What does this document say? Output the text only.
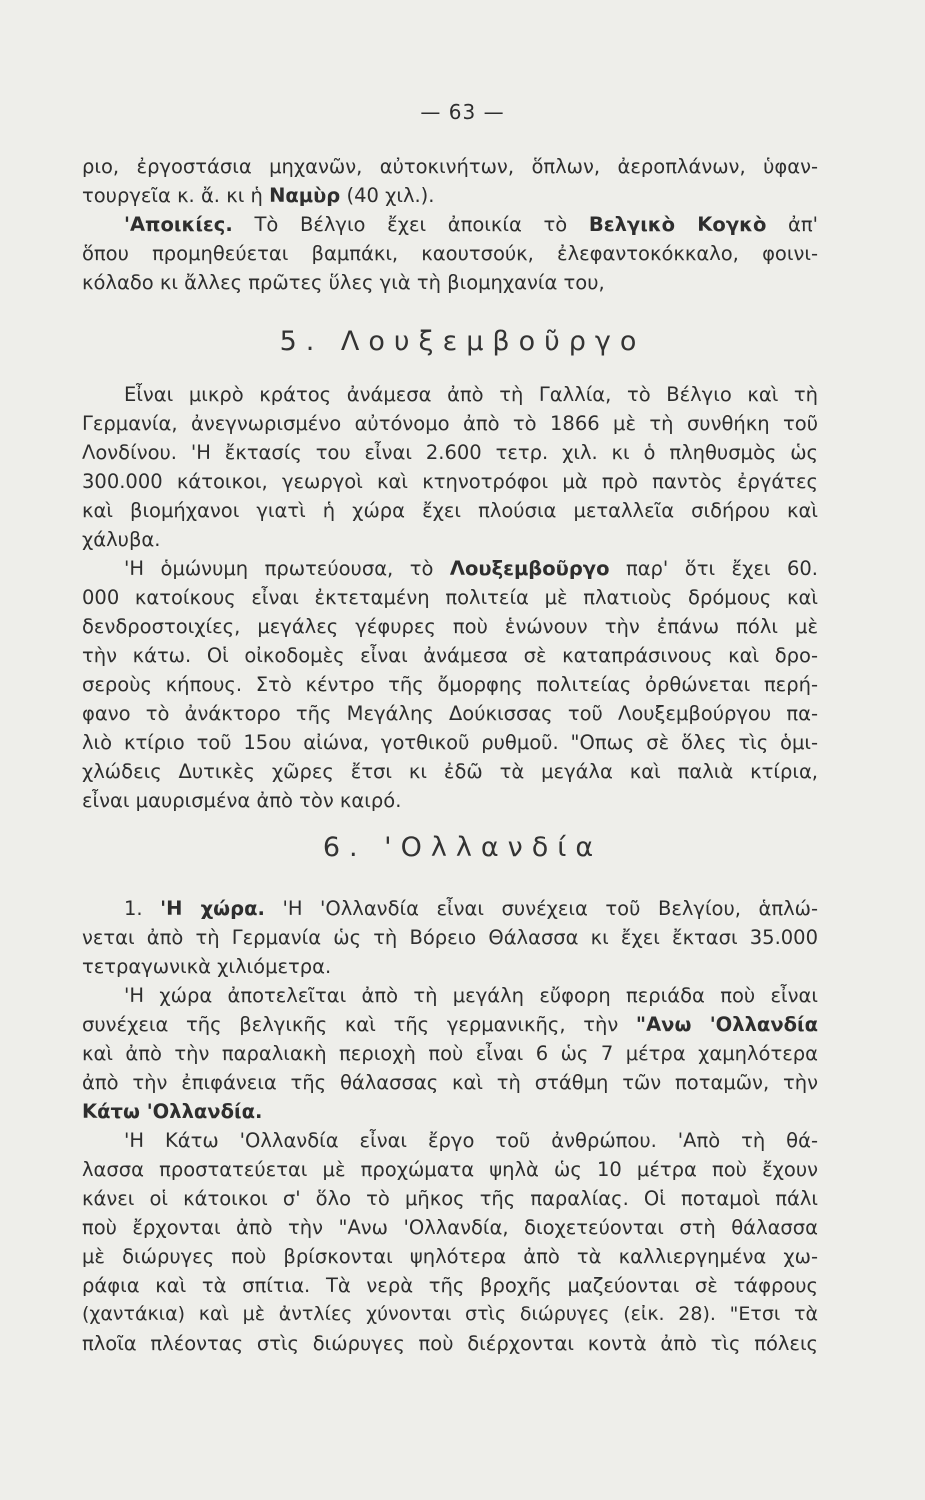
— 63 —
ριο, ἐργοστάσια μηχανῶν, αὐτοκινήτων, ὅπλων, ἀεροπλάνων, ὑφαν-
τουργεῖα κ. ἄ. κι ἡ Ναμὺρ (40 χιλ.).
'Αποικίες. Τὸ Βέλγιο ἔχει ἀποικία τὸ Βελγικὸ Κογκὸ ἀπ'
ὅπου προμηθεύεται βαμπάκι, καουτσούκ, ἐλεφαντοκόκκαλο, φοινι-
κόλαδο κι ἄλλες πρῶτες ὕλες γιὰ τὴ βιομηχανία του,
5. Λουξεμβοῦργο
Εἶναι μικρὸ κράτος ἀνάμεσα ἀπὸ τὴ Γαλλία, τὸ Βέλγιο καὶ τὴ
Γερμανία, ἀνεγνωρισμένο αὐτόνομο ἀπὸ τὸ 1866 μὲ τὴ συνθήκη τοῦ
Λονδίνου. 'Η ἔκτασίς του εἶναι 2.600 τετρ. χιλ. κι ὁ πληθυσμὸς ὡς
300.000 κάτοικοι, γεωργοὶ καὶ κτηνοτρόφοι μὰ πρὸ παντὸς ἐργάτες
καὶ βιομήχανοι γιατὶ ἡ χώρα ἔχει πλούσια μεταλλεῖα σιδήρου καὶ
χάλυβα.
'Η ὁμώνυμη πρωτεύουσα, τὸ Λουξεμβοῦργο παρ' ὅτι ἔχει 60.
000 κατοίκους εἶναι ἐκτεταμένη πολιτεία μὲ πλατιοὺς δρόμους καὶ
δενδροστοιχίες, μεγάλες γέφυρες ποὺ ἑνώνουν τὴν ἐπάνω πόλι μὲ
τὴν κάτω. Οἱ οἰκοδομὲς εἶναι ἀνάμεσα σὲ καταπράσινους καὶ δρο-
σεροὺς κήπους. Στὸ κέντρο τῆς ὄμορφης πολιτείας ὀρθώνεται περή-
φανο τὸ ἀνάκτορο τῆς Μεγάλης Δούκισσας τοῦ Λουξεμβούργου πα-
λιὸ κτίριο τοῦ 15ου αἰώνα, γοτθικοῦ ρυθμοῦ. "Οπως σὲ ὅλες τὶς ὁμι-
χλώδεις Δυτικὲς χῶρες ἔτσι κι ἐδῶ τὰ μεγάλα καὶ παλιὰ κτίρια,
εἶναι μαυρισμένα ἀπὸ τὸν καιρό.
6. 'Ολλανδία
1. 'Η χώρα. 'Η 'Ολλανδία εἶναι συνέχεια τοῦ Βελγίου, ἁπλώ-
νεται ἀπὸ τὴ Γερμανία ὡς τὴ Βόρειο Θάλασσα κι ἔχει ἔκτασι 35.000
τετραγωνικὰ χιλιόμετρα.
'Η χώρα ἀποτελεῖται ἀπὸ τὴ μεγάλη εὔφορη περιάδα ποὺ εἶναι
συνέχεια τῆς βελγικῆς καὶ τῆς γερμανικῆς, τὴν "Ανω 'Ολλανδία
καὶ ἀπὸ τὴν παραλιακὴ περιοχὴ ποὺ εἶναι 6 ὡς 7 μέτρα χαμηλότερα
ἀπὸ τὴν ἐπιφάνεια τῆς θάλασσας καὶ τὴ στάθμη τῶν ποταμῶν, τὴν
Κάτω 'Ολλανδία.
'Η Κάτω 'Ολλανδία εἶναι ἔργο τοῦ ἀνθρώπου. 'Απὸ τὴ θά-
λασσα προστατεύεται μὲ προχώματα ψηλὰ ὡς 10 μέτρα ποὺ ἔχουν
κάνει οἱ κάτοικοι σ' ὅλο τὸ μῆκος τῆς παραλίας. Οἱ ποταμοὶ πάλι
ποὺ ἔρχονται ἀπὸ τὴν "Ανω 'Ολλανδία, διοχετεύονται στὴ θάλασσα
μὲ διώρυγες ποὺ βρίσκονται ψηλότερα ἀπὸ τὰ καλλιεργημένα χω-
ράφια καὶ τὰ σπίτια. Τὰ νερὰ τῆς βροχῆς μαζεύονται σὲ τάφρους
(χαντάκια) καὶ μὲ ἀντλίες χύνονται στὶς διώρυγες (εἰκ. 28). "Ετσι τὰ
πλοῖα πλέοντας στὶς διώρυγες ποὺ διέρχονται κοντὰ ἀπὸ τὶς πόλεις
